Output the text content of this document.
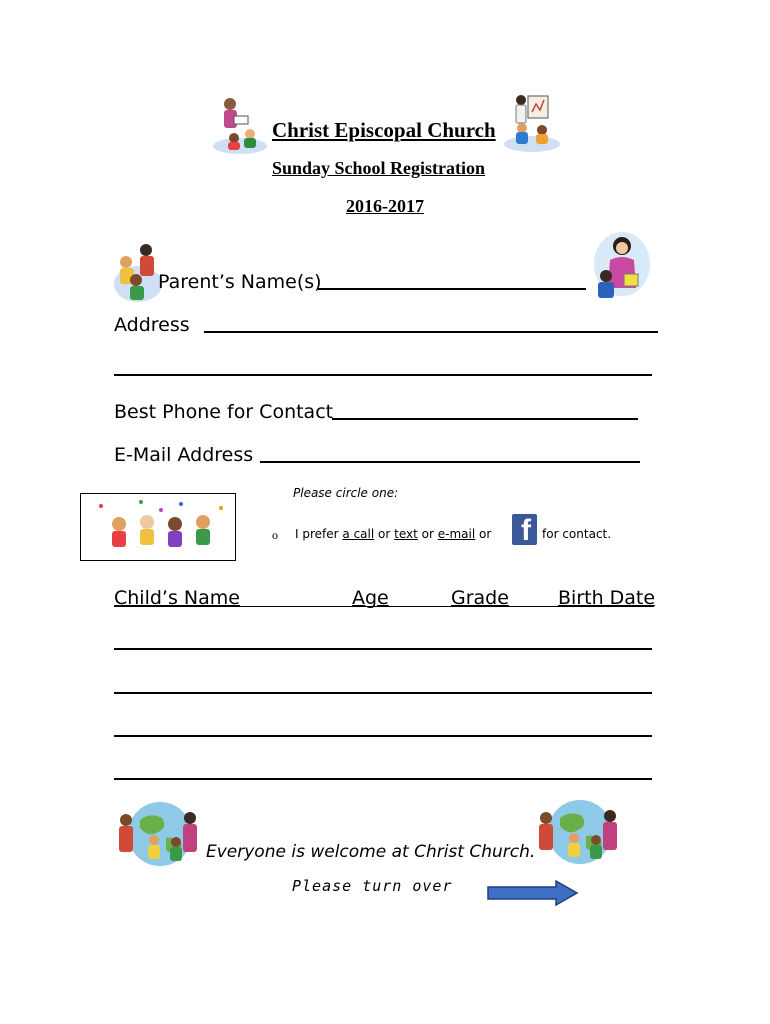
Christ Episcopal Church
Sunday School Registration
2016-2017
Parent’s Name(s)
Address
Best Phone for Contact
E-Mail Address
Please circle one:
o I prefer a call or text or e-mail or f for contact.
Child’s Name	Age	Grade	Birth Date
Everyone is welcome at Christ Church.
Please turn over
